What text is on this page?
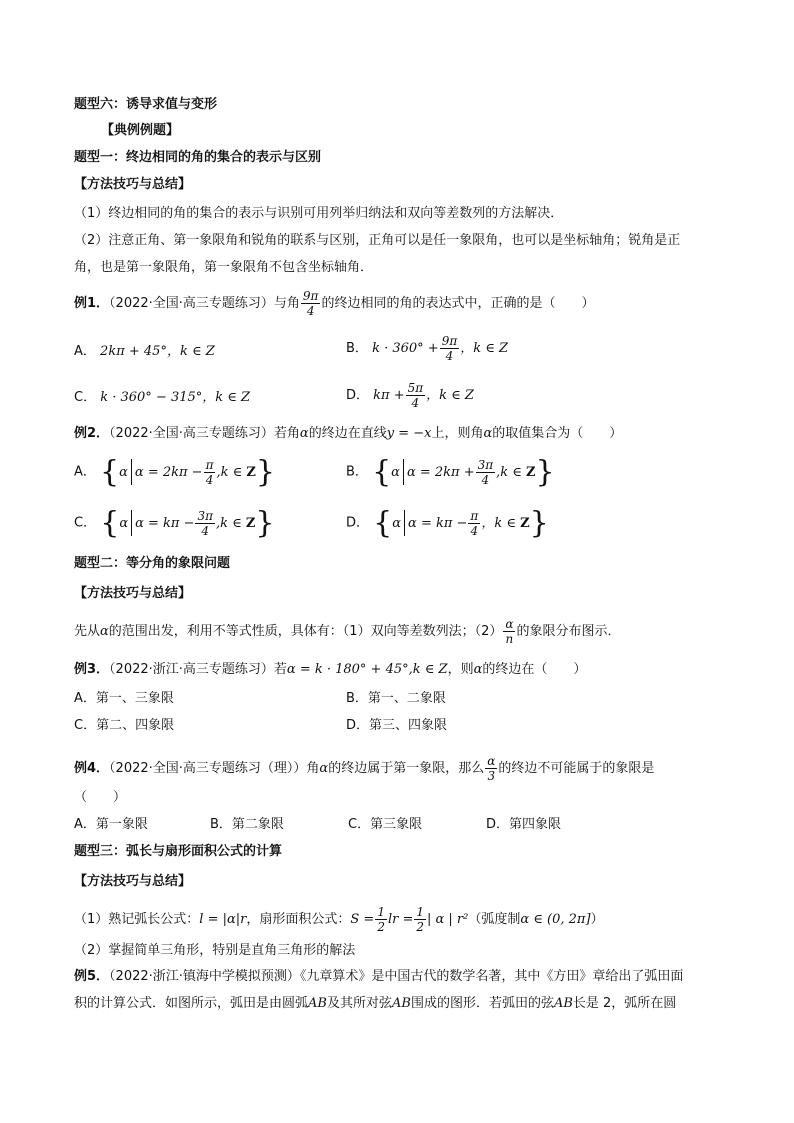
题型六：诱导求值与变形
【典例例题】
题型一：终边相同的角的集合的表示与区别
【方法技巧与总结】
（1）终边相同的角的集合的表示与识别可用列举归纳法和双向等差数列的方法解决．
（2）注意正角、第一象限角和锐角的联系与区别，正角可以是任一象限角，也可以是坐标轴角；锐角是正
角，也是第一象限角，第一象限角不包含坐标轴角．
例1．（2022·全国·高三专题练习）与角 $\frac{9\pi}{4}$ 的终边相同的角的表达式中，正确的是（　　）
A． 2kπ + 45°，k ∈ Z	B． $k \cdot 360^\circ + \frac{9\pi}{4}$ ，k ∈ Z
C． k · 360° − 315°，k ∈ Z	D． $k\pi + \frac{5\pi}{4}$ ，k ∈ Z
例2．（2022·全国·高三专题练习）若角α的终边在直线y = −x上，则角α的取值集合为（　　）
A． {α $\alpha = 2k\pi - \frac{\pi}{4} ,k$ ∈ Z}	B． {α $\alpha = 2k\pi + \frac{3\pi}{4} ,k$ ∈ Z}
C． {α $\alpha = k\pi - \frac{3\pi}{4} ,k$ ∈ Z}	D． {α $\alpha = k\pi - \frac{\pi}{4}$ ，k ∈ Z}
题型二：等分角的象限问题
【方法技巧与总结】
先从α的范围出发，利用不等式性质，具体有：（1）双向等差数列法；$(2) \frac{\alpha}{n}$ 的象限分布图示．
例3．（2022·浙江·高三专题练习）若α = k · 180° + 45°,k ∈ Z，则α的终边在（　　）
A．第一、三象限	B．第一、二象限
C．第二、四象限	D．第三、四象限
例4．（2022·全国·高三专题练习（理））角α的终边属于第一象限，那么 $\frac{\alpha}{3}$ 的终边不可能属于的象限是
（　　）
A．第一象限	B．第二象限	C．第三象限	D．第四象限
题型三：弧长与扇形面积公式的计算
【方法技巧与总结】
（1）熟记弧长公式：l = |α|r，扇形面积公式：$S = \frac{1}{2}$ lr = $\frac{1}{2}$ | α | r²（弧度制α ∈ (0, 2π]）
（2）掌握简单三角形，特别是直角三角形的解法
例5．（2022·浙江·镇海中学模拟预测）《九章算术》是中国古代的数学名著，其中《方田》章给出了弧田面
积的计算公式．如图所示，弧田是由圆弧AB及其所对弦AB围成的图形．若弧田的弦AB长是 2，弧所在圆
